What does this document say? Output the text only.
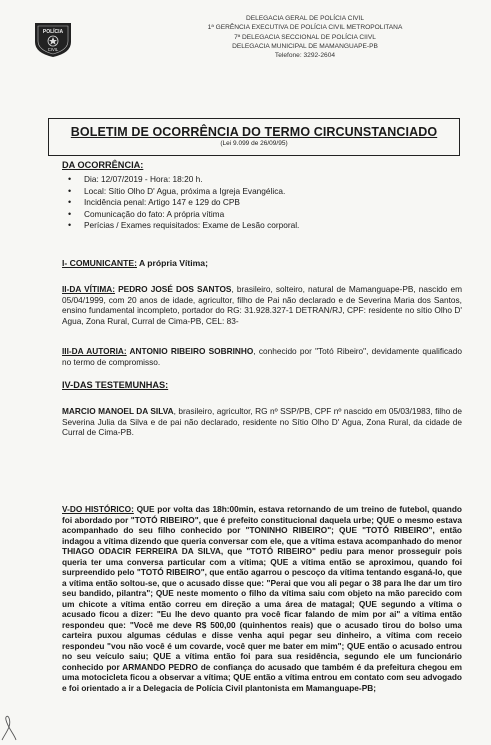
POLÍCIA
CIVIL
DELEGACIA GERAL DE POLÍCIA CIVIL
1ª GERÊNCIA EXECUTIVA DE POLÍCIA CIVIL METROPOLITANA
7ª DELEGACIA SECCIONAL DE POLÍCIA CIIVL
DELEGACIA MUNICIPAL DE MAMANGUAPE-PB
Telefone: 3292-2604
BOLETIM DE OCORRÊNCIA DO TERMO CIRCUNSTANCIADO
(Lei 9.099 de 26/09/95)
DA OCORRÊNCIA:
• Dia: 12/07/2019 - Hora: 18:20 h.
• Local: Sítio Olho D' Agua, próxima a Igreja Evangélica.
• Incidência penal: Artigo 147 e 129 do CPB
• Comunicação do fato: A própria vítima
• Perícias / Exames requisitados: Exame de Lesão corporal.
I- COMUNICANTE: A própria Vítima;
II-DA VÍTIMA: PEDRO JOSÉ DOS SANTOS, brasileiro, solteiro, natural de Mamanguape-PB, nascido em 05/04/1999, com 20 anos de idade, agricultor, filho de Pai não declarado e de Severina Maria dos Santos, ensino fundamental incompleto, portador do RG: 31.928.327-1 DETRAN/RJ, CPF: residente no sítio Olho D' Agua, Zona Rural, Curral de Cima-PB, CEL: 83-
III-DA AUTORIA: ANTONIO RIBEIRO SOBRINHO, conhecido por "Totó Ribeiro", devidamente qualificado no termo de compromisso.
IV-DAS TESTEMUNHAS:
MARCIO MANOEL DA SILVA, brasileiro, agricultor, RG nº SSP/PB, CPF nº nascido em 05/03/1983, filho de Severina Julia da Silva e de pai não declarado, residente no Sítio Olho D' Agua, Zona Rural, da cidade de Curral de Cima-PB.
V-DO HISTÓRICO: QUE por volta das 18h:00min, estava retornando de um treino de futebol, quando foi abordado por "TOTÓ RIBEIRO", que é prefeito constitucional daquela urbe; QUE o mesmo estava acompanhado do seu filho conhecido por "TONINHO RIBEIRO"; QUE "TOTÓ RIBEIRO", então indagou a vítima dizendo que queria conversar com ele, que a vítima estava acompanhado do menor THIAGO ODACIR FERREIRA DA SILVA, que "TOTÓ RIBEIRO" pediu para menor prosseguir pois queria ter uma conversa particular com a vítima; QUE a vítima então se aproximou, quando foi surpreendido pelo "TOTÓ RIBEIRO", que então agarrou o pescoço da vítima tentando esganá-lo, que a vítima então soltou-se, que o acusado disse que: "Perai que vou ali pegar o 38 para lhe dar um tiro seu bandido, pilantra"; QUE neste momento o filho da vítima saiu com objeto na mão parecido com um chicote a vítima então correu em direção a uma área de matagal; QUE segundo a vítima o acusado ficou a dizer: "Eu lhe devo quanto pra você ficar falando de mim por ai" a vítima então respondeu que: "Você me deve R$ 500,00 (quinhentos reais) que o acusado tirou do bolso uma carteira puxou algumas cédulas e disse venha aqui pegar seu dinheiro, a vítima com receio respondeu "vou não você é um covarde, você quer me bater em mim"; QUE então o acusado entrou no seu veículo saiu; QUE a vítima então foi para sua residência, segundo ele um funcionário conhecido por ARMANDO PEDRO de confiança do acusado que também é da prefeitura chegou em uma motocicleta ficou a observar a vítima; QUE então a vítima entrou em contato com seu advogado e foi orientado a ir a Delegacia de Polícia Civil plantonista em Mamanguape-PB;
